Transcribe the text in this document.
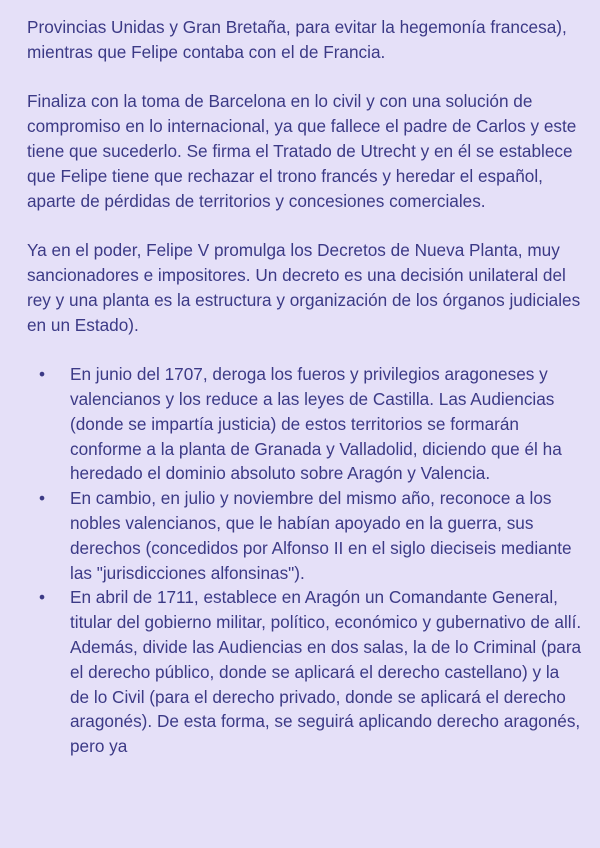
Provincias Unidas y Gran Bretaña, para evitar la hegemonía francesa), mientras que Felipe contaba con el de Francia.

Finaliza con la toma de Barcelona en lo civil y con una solución de compromiso en lo internacional, ya que fallece el padre de Carlos y este tiene que sucederlo. Se firma el Tratado de Utrecht y en él se establece que Felipe tiene que rechazar el trono francés y heredar el español, aparte de pérdidas de territorios y concesiones comerciales.

Ya en el poder, Felipe V promulga los Decretos de Nueva Planta, muy sancionadores e impositores. Un decreto es una decisión unilateral del rey y una planta es la estructura y organización de los órganos judiciales en un Estado).

• En junio del 1707, deroga los fueros y privilegios aragoneses y valencianos y los reduce a las leyes de Castilla. Las Audiencias (donde se impartía justicia) de estos territorios se formarán conforme a la planta de Granada y Valladolid, diciendo que él ha heredado el dominio absoluto sobre Aragón y Valencia.
• En cambio, en julio y noviembre del mismo año, reconoce a los nobles valencianos, que le habían apoyado en la guerra, sus derechos (concedidos por Alfonso II en el siglo dieciseis mediante las "jurisdicciones alfonsinas").
• En abril de 1711, establece en Aragón un Comandante General, titular del gobierno militar, político, económico y gubernativo de allí. Además, divide las Audiencias en dos salas, la de lo Criminal (para el derecho público, donde se aplicará el derecho castellano) y la de lo Civil (para el derecho privado, donde se aplicará el derecho aragonés). De esta forma, se seguirá aplicando derecho aragonés, pero ya
